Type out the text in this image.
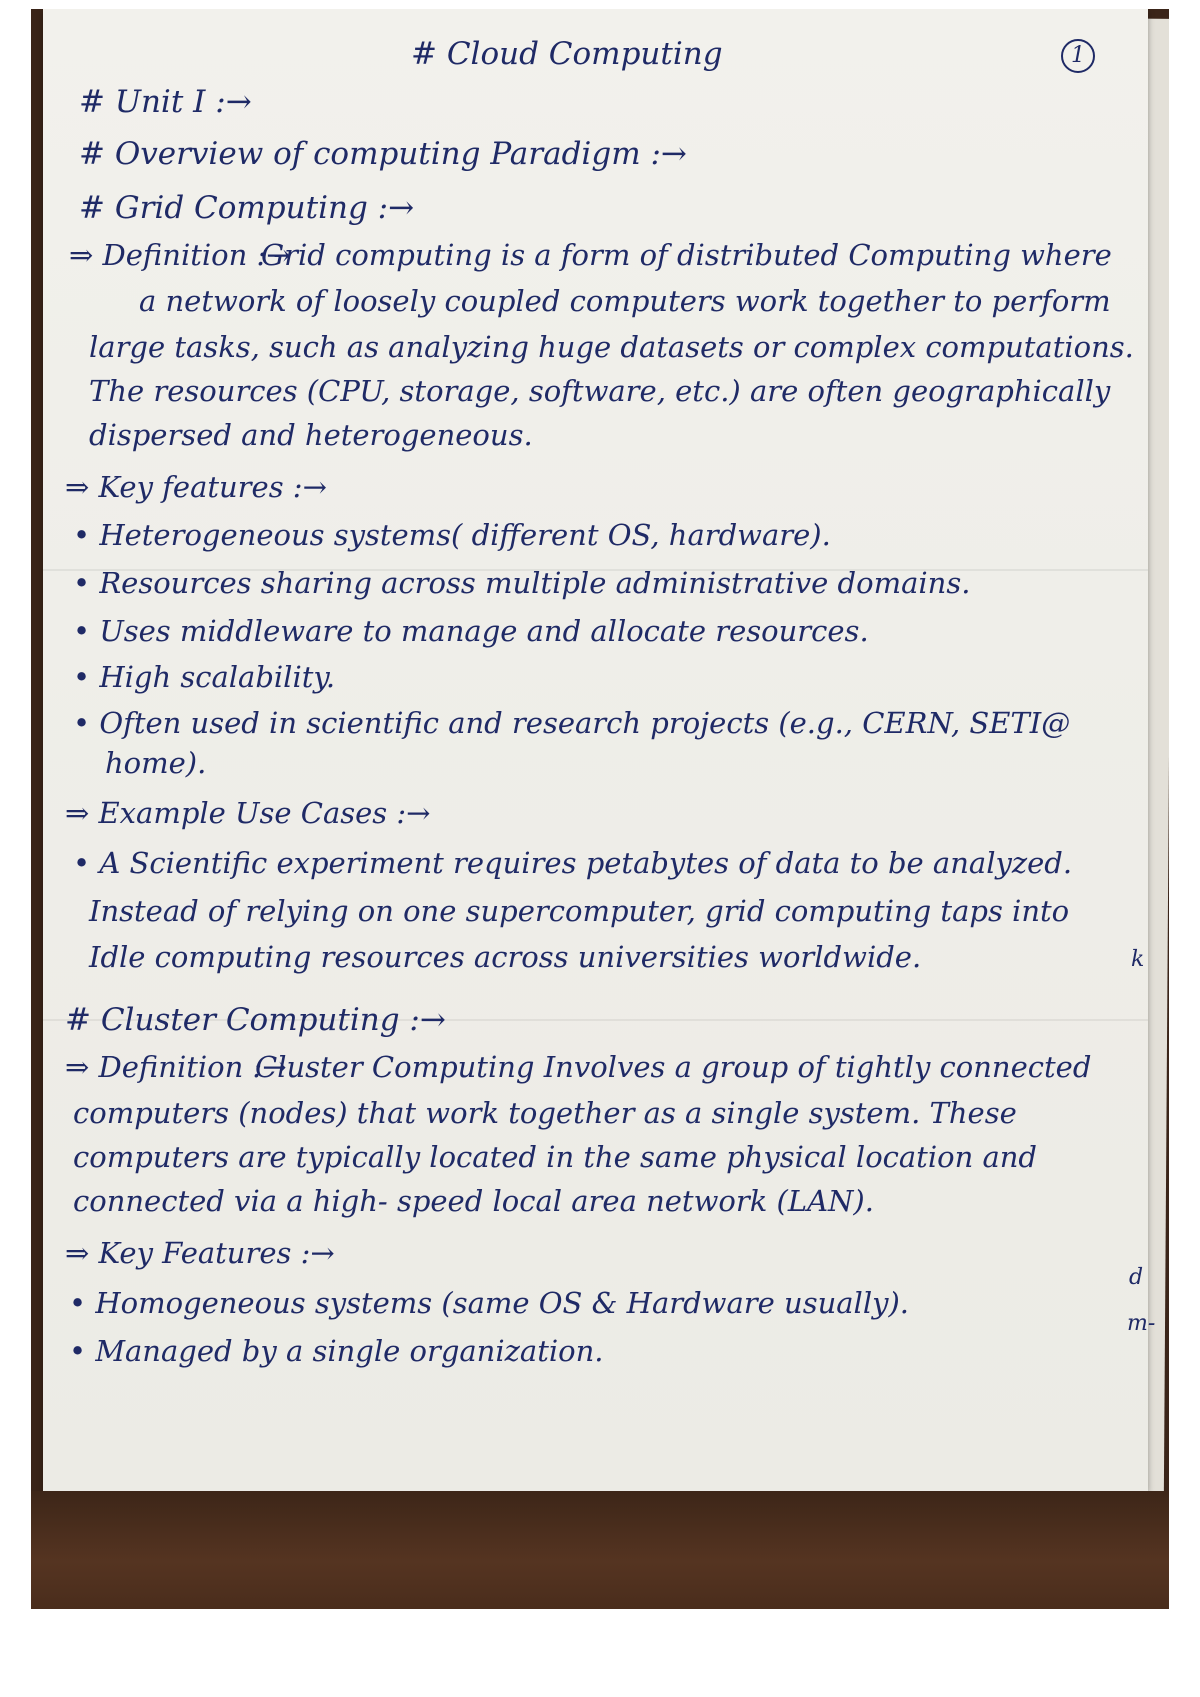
1
# Cloud Computing
# Unit I :→
# Overview of computing Paradigm :→
# Grid Computing :→
⇒ Definition :→
Grid computing is a form of distributed Computing where
a network of loosely coupled computers work together to perform
large tasks, such as analyzing huge datasets or complex computations.
The resources (CPU, storage, software, etc.) are often geographically
dispersed and heterogeneous.
⇒ Key features :→
• Heterogeneous systems( different OS, hardware).
• Resources sharing across multiple administrative domains.
• Uses middleware to manage and allocate resources.
• High scalability.
• Often used in scientific and research projects (e.g., CERN, SETI@
home).
⇒ Example Use Cases :→
• A Scientific experiment requires petabytes of data to be analyzed.
Instead of relying on one supercomputer, grid computing taps into
Idle computing resources across universities worldwide.
# Cluster Computing :→
⇒ Definition :→
Cluster Computing Involves a group of tightly connected
computers (nodes) that work together as a single system. These
computers are typically located in the same physical location and
connected via a high- speed local area network (LAN).
⇒ Key Features :→
• Homogeneous systems (same OS & Hardware usually).
• Managed by a single organization.
k
d
m-
